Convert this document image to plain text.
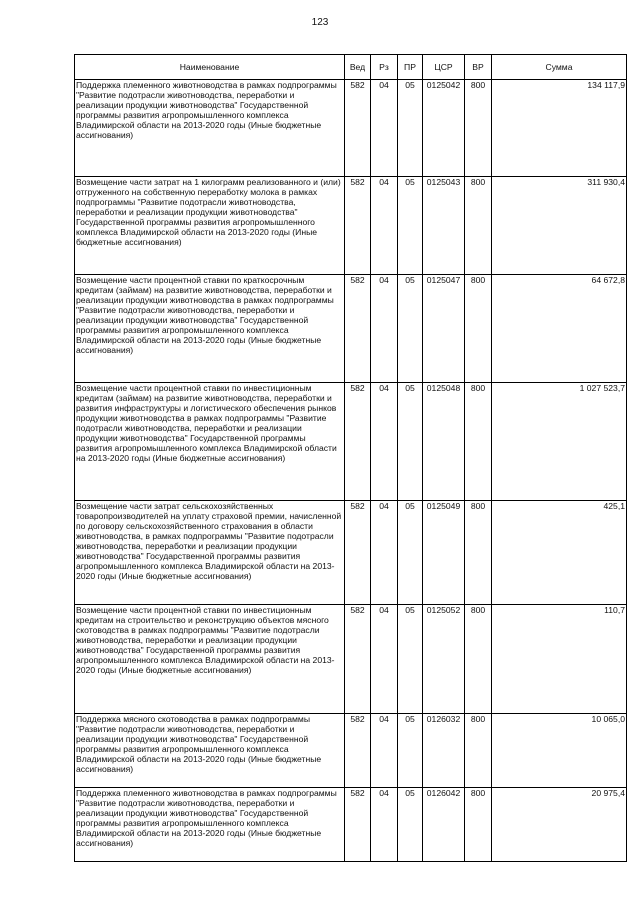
123
Наименование	Вед	Рз	ПР	ЦСР	ВР	Сумма
Поддержка племенного животноводства в рамках подпрограммы "Развитие подотрасли животноводства, переработки и реализации продукции животноводства" Государственной программы развития агропромышленного комплекса Владимирской области на 2013-2020 годы (Иные бюджетные ассигнования)	582	04	05	0125042	800	134 117,9
Возмещение части затрат на 1 килограмм реализованного и (или) отгруженного на собственную переработку молока в рамках подпрограммы "Развитие подотрасли животноводства, переработки и реализации продукции животноводства" Государственной программы развития агропромышленного комплекса Владимирской области на 2013-2020 годы (Иные бюджетные ассигнования)	582	04	05	0125043	800	311 930,4
Возмещение части процентной ставки по краткосрочным кредитам (займам) на развитие животноводства, переработки и реализации продукции животноводства в рамках подпрограммы "Развитие подотрасли животноводства, переработки и реализации продукции животноводства" Государственной программы развития агропромышленного комплекса Владимирской области на 2013-2020 годы (Иные бюджетные ассигнования)	582	04	05	0125047	800	64 672,8
Возмещение части процентной ставки по инвестиционным кредитам (займам) на развитие животноводства, переработки и развития инфраструктуры и логистического обеспечения рынков продукции животноводства в рамках подпрограммы "Развитие подотрасли животноводства, переработки и реализации продукции животноводства" Государственной программы развития агропромышленного комплекса Владимирской области на 2013-2020 годы (Иные бюджетные ассигнования)	582	04	05	0125048	800	1 027 523,7
Возмещение части затрат сельскохозяйственных товаропроизводителей на уплату страховой премии, начисленной по договору сельскохозяйственного страхования в области животноводства, в рамках подпрограммы "Развитие подотрасли животноводства, переработки и реализации продукции животноводства" Государственной программы развития агропромышленного комплекса Владимирской области на 2013-2020 годы (Иные бюджетные ассигнования)	582	04	05	0125049	800	425,1
Возмещение части процентной ставки по инвестиционным кредитам на строительство и реконструкцию объектов мясного скотоводства в рамках подпрограммы "Развитие подотрасли животноводства, переработки и реализации продукции животноводства" Государственной программы развития агропромышленного комплекса Владимирской области на 2013-2020 годы (Иные бюджетные ассигнования)	582	04	05	0125052	800	110,7
Поддержка мясного скотоводства в рамках подпрограммы "Развитие подотрасли животноводства, переработки и реализации продукции животноводства" Государственной программы развития агропромышленного комплекса Владимирской области на 2013-2020 годы (Иные бюджетные ассигнования)	582	04	05	0126032	800	10 065,0
Поддержка племенного животноводства в рамках подпрограммы "Развитие подотрасли животноводства, переработки и реализации продукции животноводства" Государственной программы развития агропромышленного комплекса Владимирской области на 2013-2020 годы (Иные бюджетные ассигнования)	582	04	05	0126042	800	20 975,4
